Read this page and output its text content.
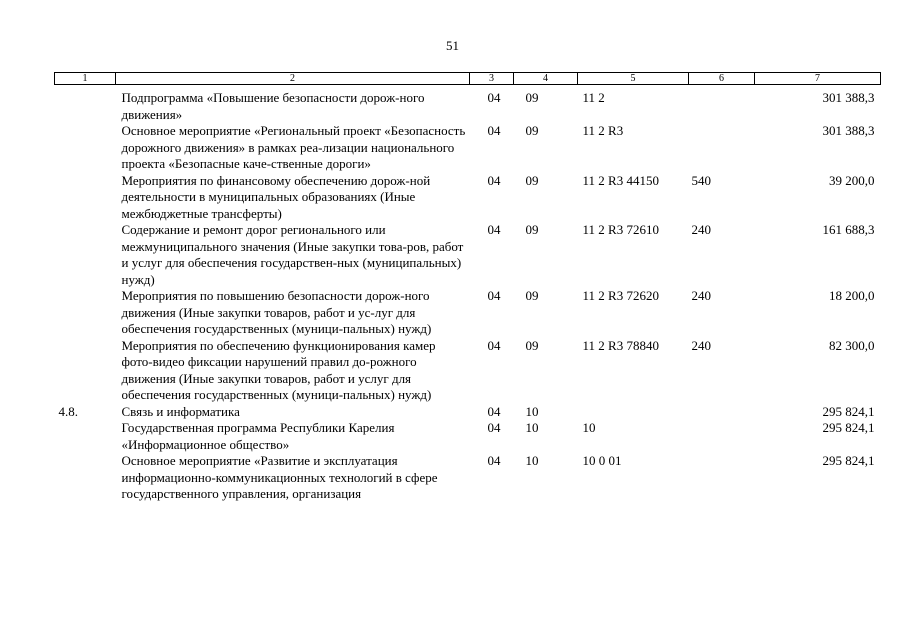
51
1	2	3	4	5	6	7
	Подпрограмма «Повышение безопасности дорож-ного движения»	04	09	11 2		301 388,3
	Основное мероприятие «Региональный проект «Безопасность дорожного движения» в рамках реа-лизации национального проекта «Безопасные каче-ственные дороги»	04	09	11 2 R3		301 388,3
	Мероприятия по финансовому обеспечению дорож-ной деятельности в муниципальных образованиях (Иные межбюджетные трансферты)	04	09	11 2 R3 44150	540	39 200,0
	Содержание и ремонт дорог регионального или межмуниципального значения (Иные закупки това-ров, работ и услуг для обеспечения государствен-ных (муниципальных) нужд)	04	09	11 2 R3 72610	240	161 688,3
	Мероприятия по повышению безопасности дорож-ного движения (Иные закупки товаров, работ и ус-луг для обеспечения государственных (муници-пальных) нужд)	04	09	11 2 R3 72620	240	18 200,0
	Мероприятия по обеспечению функционирования камер фото-видео фиксации нарушений правил до-рожного движения (Иные закупки товаров, работ и услуг для обеспечения государственных (муници-пальных) нужд)	04	09	11 2 R3 78840	240	82 300,0
4.8.	Связь и информатика	04	10			295 824,1
	Государственная программа Республики Карелия «Информационное общество»	04	10	10		295 824,1
	Основное мероприятие «Развитие и эксплуатация информационно-коммуникационных технологий в сфере государственного управления, организация	04	10	10 0 01		295 824,1
